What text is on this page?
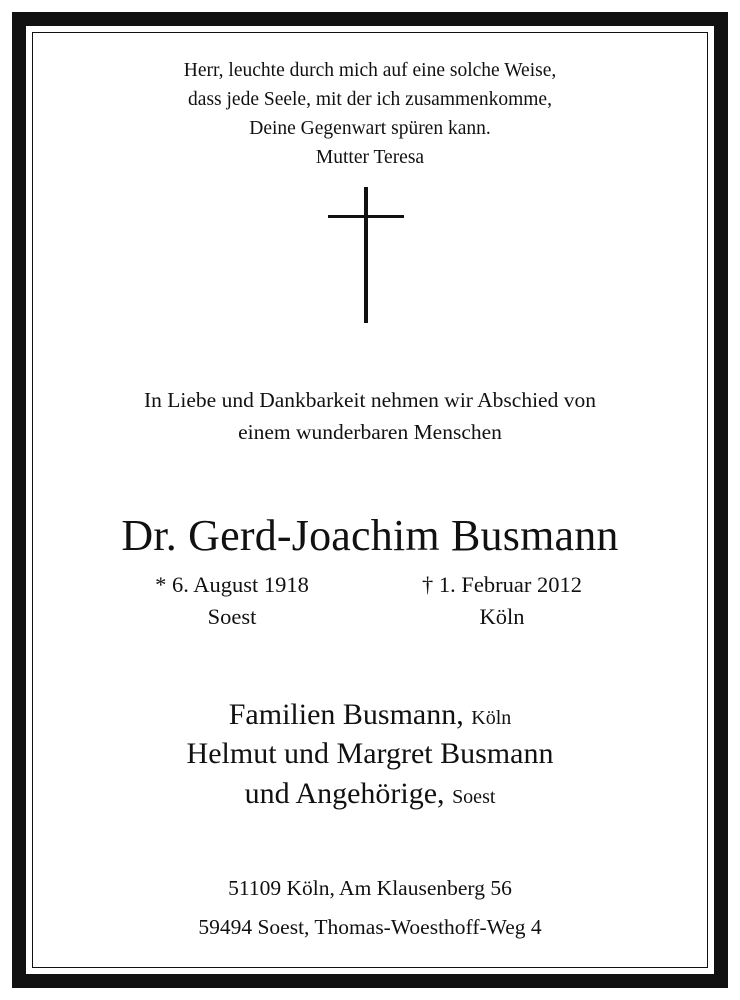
Herr, leuchte durch mich auf eine solche Weise,
dass jede Seele, mit der ich zusammenkomme,
Deine Gegenwart spüren kann.
Mutter Teresa
In Liebe und Dankbarkeit nehmen wir Abschied von
einem wunderbaren Menschen
Dr. Gerd-Joachim Busmann
* 6. August 1918
Soest
† 1. Februar 2012
Köln
Familien Busmann, Köln
Helmut und Margret Busmann
und Angehörige, Soest
51109 Köln, Am Klausenberg 56
59494 Soest, Thomas-Woesthoff-Weg 4
